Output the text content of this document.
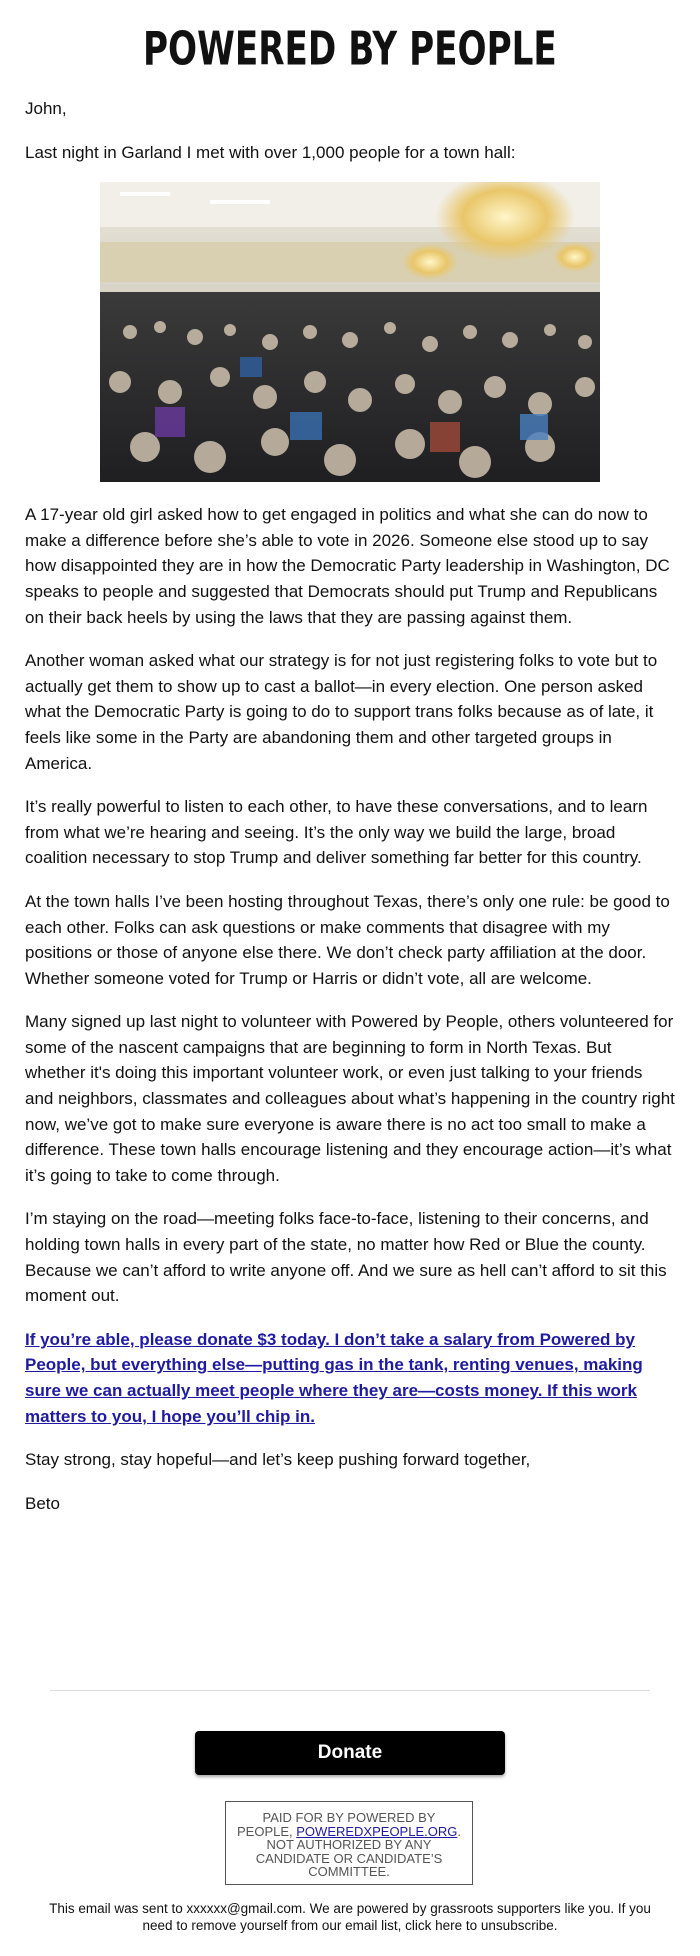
POWERED BY PEOPLE

John,

Last night in Garland I met with over 1,000 people for a town hall:

A 17-year old girl asked how to get engaged in politics and what she can do now to make a difference before she’s able to vote in 2026. Someone else stood up to say how disappointed they are in how the Democratic Party leadership in Washington, DC speaks to people and suggested that Democrats should put Trump and Republicans on their back heels by using the laws that they are passing against them.

Another woman asked what our strategy is for not just registering folks to vote but to actually get them to show up to cast a ballot—in every election. One person asked what the Democratic Party is going to do to support trans folks because as of late, it feels like some in the Party are abandoning them and other targeted groups in America.

It’s really powerful to listen to each other, to have these conversations, and to learn from what we’re hearing and seeing. It’s the only way we build the large, broad coalition necessary to stop Trump and deliver something far better for this country.

At the town halls I’ve been hosting throughout Texas, there’s only one rule: be good to each other. Folks can ask questions or make comments that disagree with my positions or those of anyone else there. We don’t check party affiliation at the door. Whether someone voted for Trump or Harris or didn’t vote, all are welcome.

Many signed up last night to volunteer with Powered by People, others volunteered for some of the nascent campaigns that are beginning to form in North Texas. But whether it's doing this important volunteer work, or even just talking to your friends and neighbors, classmates and colleagues about what’s happening in the country right now, we’ve got to make sure everyone is aware there is no act too small to make a difference. These town halls encourage listening and they encourage action—it’s what it’s going to take to come through.

I’m staying on the road—meeting folks face-to-face, listening to their concerns, and holding town halls in every part of the state, no matter how Red or Blue the county. Because we can’t afford to write anyone off. And we sure as hell can’t afford to sit this moment out.

If you’re able, please donate $3 today. I don’t take a salary from Powered by People, but everything else—putting gas in the tank, renting venues, making sure we can actually meet people where they are—costs money. If this work matters to you, I hope you’ll chip in.

Stay strong, stay hopeful—and let’s keep pushing forward together,

Beto

Donate
PAID FOR BY POWERED BY PEOPLE, POWEREDXPEOPLE.ORG. NOT AUTHORIZED BY ANY CANDIDATE OR CANDIDATE’S COMMITTEE.
This email was sent to xxxxxx@gmail.com. We are powered by grassroots supporters like you. If you need to remove yourself from our email list, click here to unsubscribe.
